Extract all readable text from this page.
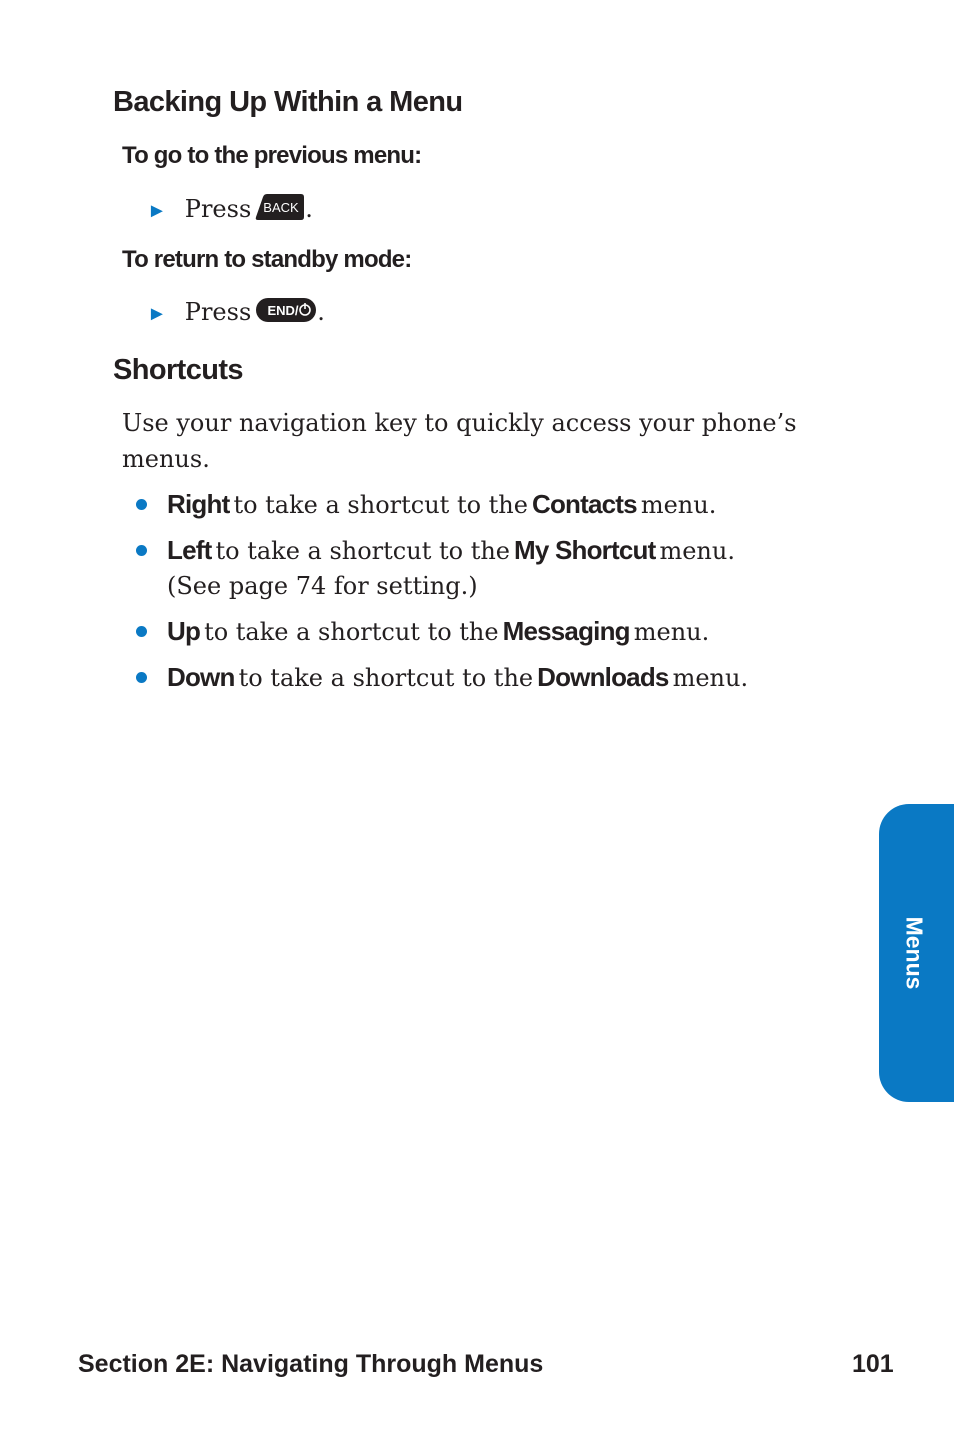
Backing Up Within a Menu
To go to the previous menu:
► Press BACK .
To return to standby mode:
► Press END/ .
Shortcuts
Use your navigation key to quickly access your phone’s
menus.
Right to take a shortcut to the Contacts menu.
Left to take a shortcut to the My Shortcut menu.
(See page 74 for setting.)
Up to take a shortcut to the Messaging menu.
Down to take a shortcut to the Downloads menu.
Menus
Section 2E: Navigating Through Menus	101
